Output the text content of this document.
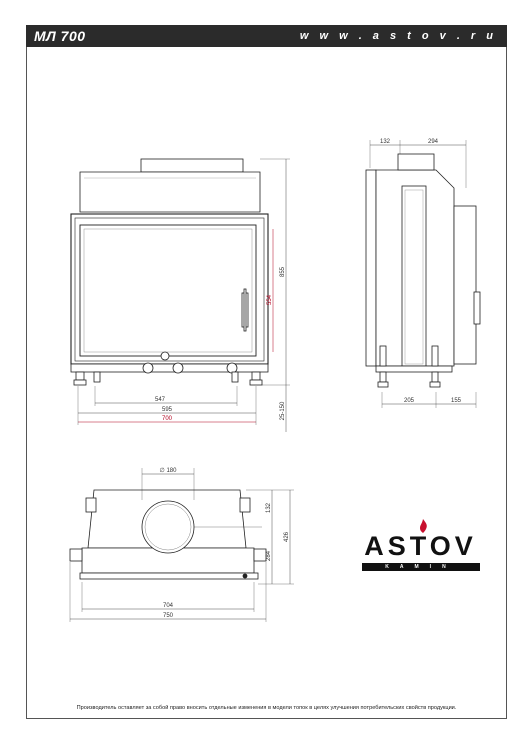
МЛ 700	w w w . a s t o v . r u
547
595
700
554
855
25-150
132	294
205	155
∅ 180
132
284
426
704
750
ASTOV
KAMIN
Производитель оставляет за собой право вносить отдельные изменения в модели топок в целях улучшения потребительских свойств продукции.
